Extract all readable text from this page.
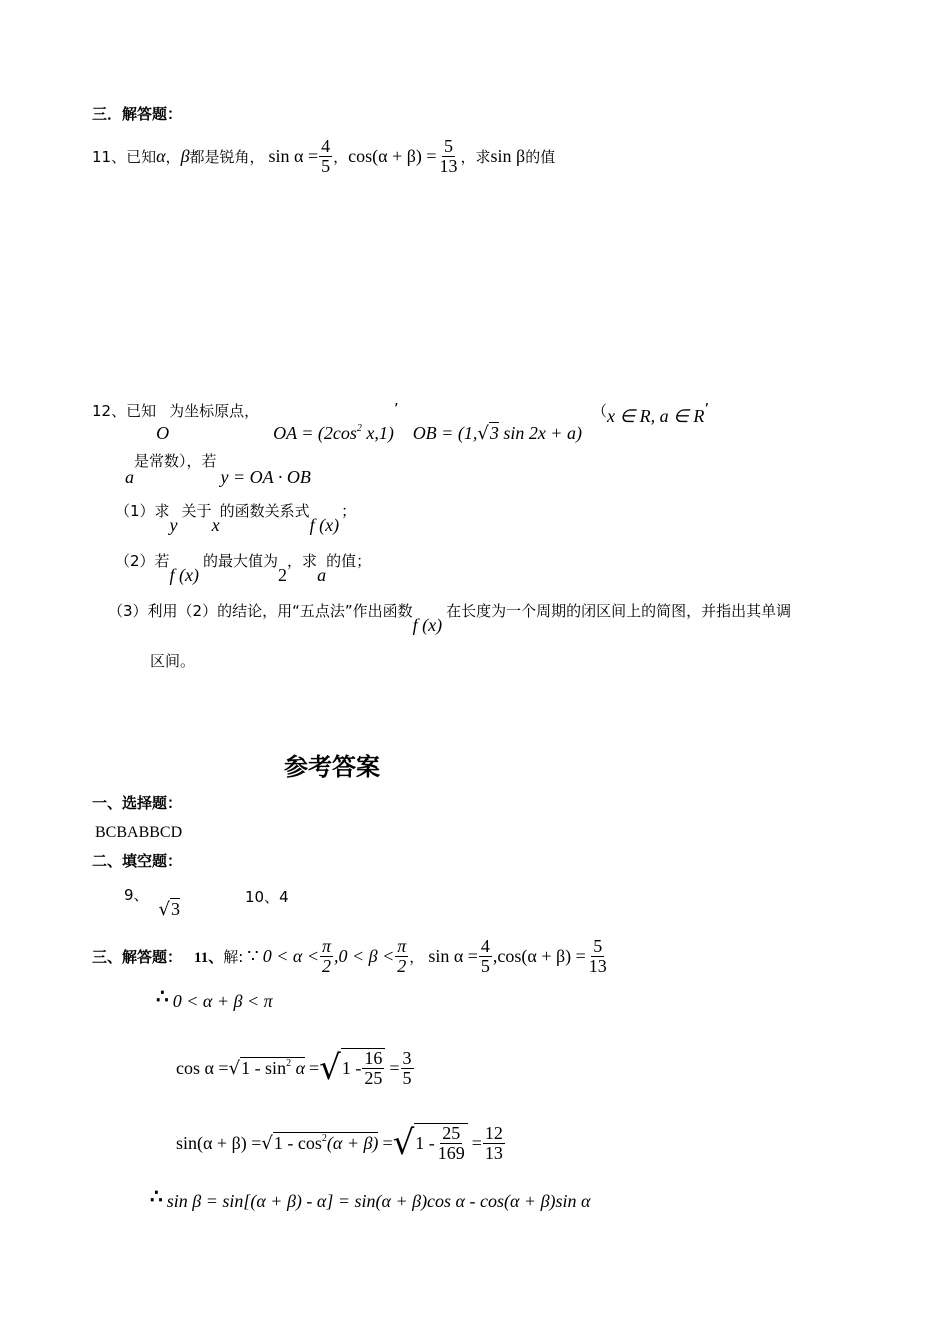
三．解答题：
11、已知 α ， β 都是锐角， $\sin \alpha = \frac{4}{5}$ ， $\cos(\alpha + \beta) = \frac{5}{13}$ ，求 sin β 的值
12、已知
O
为坐标原点，
OA = ($2\cos^2$ x,1)
’
OB = (1,√3 sin 2x + a)
（ x ∈ R, a ∈ R ’
a
是常数），若
y = OA · OB
（1）求
y
关于
x
的函数关系式
f (x)
；
（2）若
f (x)
的最大值为
2
，求
a
的值；
（3）利用（2）的结论，用“五点法”作出函数
f (x)
在长度为一个周期的闭区间上的简图，并指出其单调
区间。
参考答案
一、选择题：
BCBABBCD
二、填空题：
9、
√3
10、4
三、解答题： 11、 解: ∵ $0 < \alpha < \frac{\pi}{2} ,0 < \beta < \frac{\pi}{2}$ ， $\sin \alpha = \frac{4}{5} ,\cos(\alpha + \beta) = \frac{5}{13}$
∴ 0 < α + β < π
cos α = √ $1 - \sin^2 \alpha$ = √ $1 - \frac{16}{25} = \frac{3}{5}$
sin(α + β) = √ $1 - \cos^2(\alpha + \beta)$ = √ $1 - \frac{25}{169} = \frac{12}{13}$
∴ sin β = sin[(α + β) - α] = sin(α + β)cos α - cos(α + β)sin α
